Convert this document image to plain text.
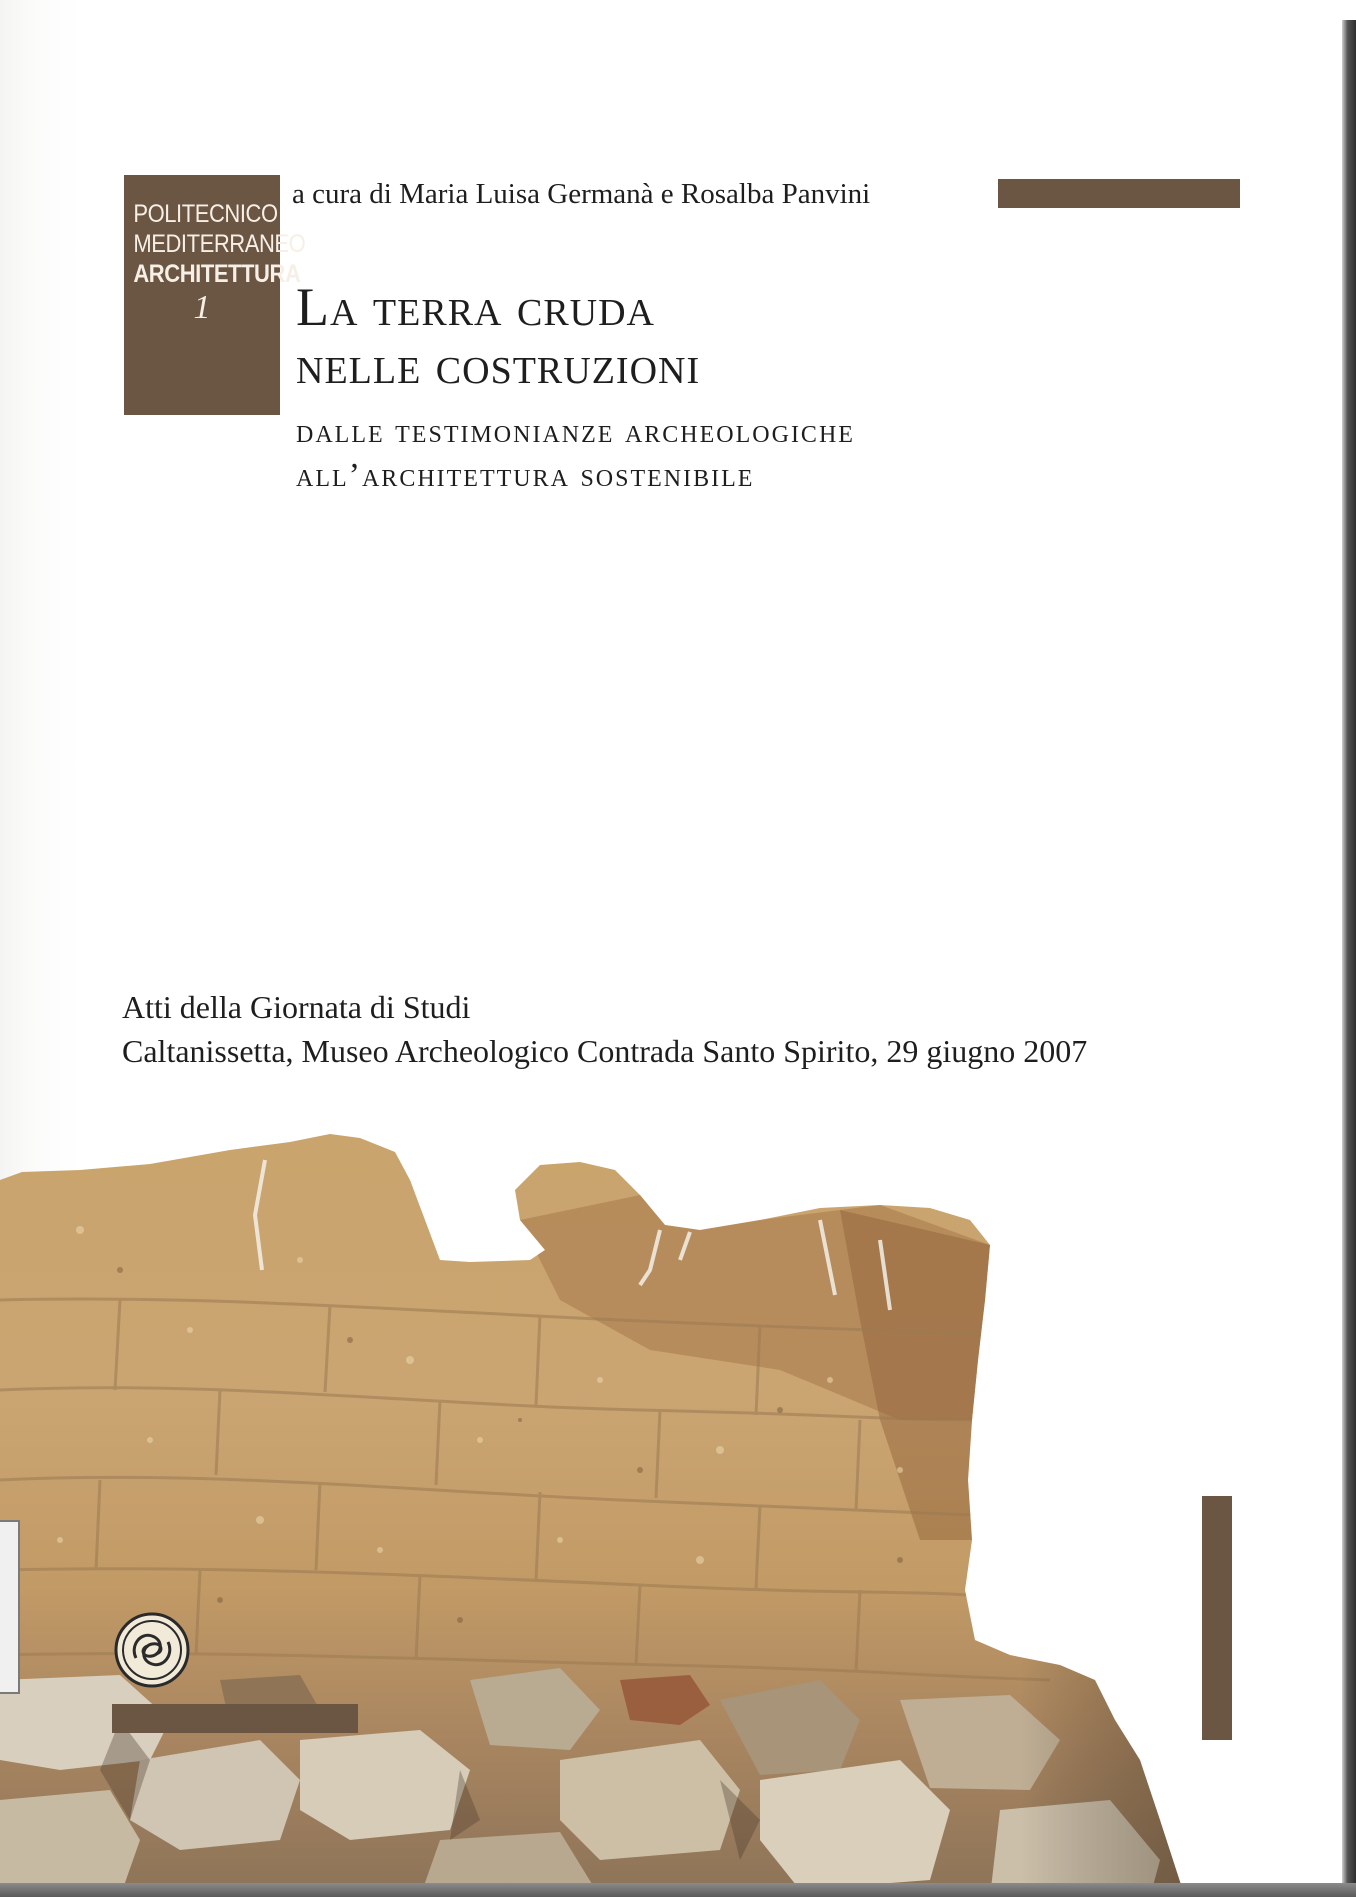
POLITECNICO
MEDITERRANEO
ARCHITETTURA
1
a cura di Maria Luisa Germanà e Rosalba Panvini
La terra cruda
nelle costruzioni
dalle testimonianze archeologiche
all’architettura sostenibile
Atti della Giornata di Studi
Caltanissetta, Museo Archeologico Contrada Santo Spirito, 29 giugno 2007
